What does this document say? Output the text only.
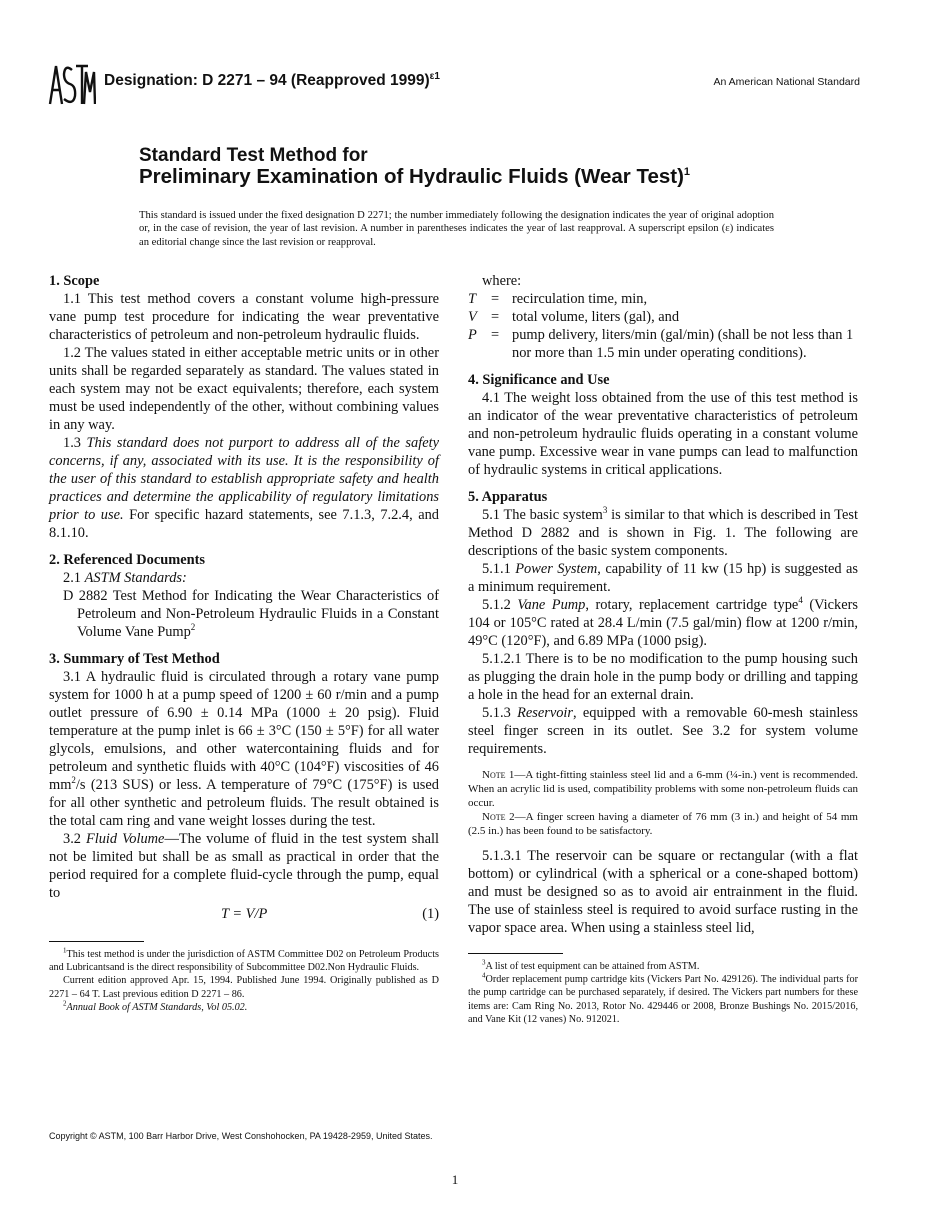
Designation: D 2271 – 94 (Reapproved 1999)$^{\varepsilon 1}$	An American National Standard
Standard Test Method for
Preliminary Examination of Hydraulic Fluids (Wear Test)$^1$
This standard is issued under the fixed designation D 2271; the number immediately following the designation indicates the year of original adoption or, in the case of revision, the year of last revision. A number in parentheses indicates the year of last reapproval. A superscript epsilon (ε) indicates an editorial change since the last revision or reapproval.
1. Scope

1.1 This test method covers a constant volume high-pressure vane pump test procedure for indicating the wear preventative characteristics of petroleum and non-petroleum hydraulic fluids.

1.2 The values stated in either acceptable metric units or in other units shall be regarded separately as standard. The values stated in each system may not be exact equivalents; therefore, each system must be used independently of the other, without combining values in any way.

1.3 This standard does not purport to address all of the safety concerns, if any, associated with its use. It is the responsibility of the user of this standard to establish appropriate safety and health practices and determine the applicability of regulatory limitations prior to use. For specific hazard statements, see 7.1.3, 7.2.4, and 8.1.10.

2. Referenced Documents

2.1 ASTM Standards:

D 2882 Test Method for Indicating the Wear Characteristics of Petroleum and Non-Petroleum Hydraulic Fluids in a Constant Volume Vane Pump$^2$

3. Summary of Test Method

3.1 A hydraulic fluid is circulated through a rotary vane pump system for 1000 h at a pump speed of 1200 ± 60 r/min and a pump outlet pressure of 6.90 ± 0.14 MPa (1000 ± 20 psig). Fluid temperature at the pump inlet is 66 ± 3°C (150 ± 5°F) for all water glycols, emulsions, and other watercontaining fluids and for petroleum and synthetic fluids with 40°C (104°F) viscosities of 46 $mm^2/s$ (213 SUS) or less. A temperature of 79°C (175°F) is used for all other synthetic and petroleum fluids. The result obtained is the total cam ring and vane weight losses during the test.

3.2 Fluid Volume—The volume of fluid in the test system shall not be limited but shall be as small as practical in order that the period required for a complete fluid-cycle through the pump, equal to

T = V/P	(1)

$^1$This test method is under the jurisdiction of ASTM Committee D02 on Petroleum Products and Lubricantsand is the direct responsibility of Subcommittee D02.Non Hydraulic Fluids.

Current edition approved Apr. 15, 1994. Published June 1994. Originally published as D 2271 – 64 T. Last previous edition D 2271 – 86.

$^2$Annual Book of ASTM Standards, Vol 05.02.

where:

T	= recirculation time, min,
V = total volume, liters (gal), and
P = pump delivery, liters/min (gal/min) (shall be not less than 1 nor more than 1.5 min under operating conditions).
4. Significance and Use

4.1 The weight loss obtained from the use of this test method is an indicator of the wear preventative characteristics of petroleum and non-petroleum hydraulic fluids operating in a constant volume vane pump. Excessive wear in vane pumps can lead to malfunction of hydraulic systems in critical applications.

5. Apparatus

5.1 The basic system$^3$ is similar to that which is described in Test Method D 2882 and is shown in Fig. 1. The following are descriptions of the basic system components.

5.1.1 Power System, capability of 11 kw (15 hp) is suggested as a minimum requirement.

5.1.2 Vane Pump, rotary, replacement cartridge type$^4$ (Vickers 104 or 105°C rated at 28.4 L/min (7.5 gal/min) flow at 1200 r/min, 49°C (120°F), and 6.89 MPa (1000 psig).

5.1.2.1 There is to be no modification to the pump housing such as plugging the drain hole in the pump body or drilling and tapping a hole in the head for an external drain.

5.1.3 Reservoir, equipped with a removable 60-mesh stainless steel finger screen in its outlet. See 3.2 for system volume requirements.

Note 1—A tight-fitting stainless steel lid and a 6-mm (¼-in.) vent is recommended. When an acrylic lid is used, compatibility problems with some non-petroleum fluids can occur.

Note 2—A finger screen having a diameter of 76 mm (3 in.) and height of 54 mm (2.5 in.) has been found to be satisfactory.

5.1.3.1 The reservoir can be square or rectangular (with a flat bottom) or cylindrical (with a spherical or a cone-shaped bottom) and must be designed so as to avoid air entrainment in the fluid. The use of stainless steel is required to avoid surface rusting in the vapor space area. When using a stainless steel lid,

$^3$A list of test equipment can be attained from ASTM.

$^4$Order replacement pump cartridge kits (Vickers Part No. 429126). The individual parts for the pump cartridge can be purchased separately, if desired. The Vickers part numbers for these items are: Cam Ring No. 2013, Rotor No. 429446 or 2008, Bronze Bushings No. 2015/2016, and Vane Kit (12 vanes) No. 912021.

Copyright © ASTM, 100 Barr Harbor Drive, West Conshohocken, PA 19428-2959, United States.
1
